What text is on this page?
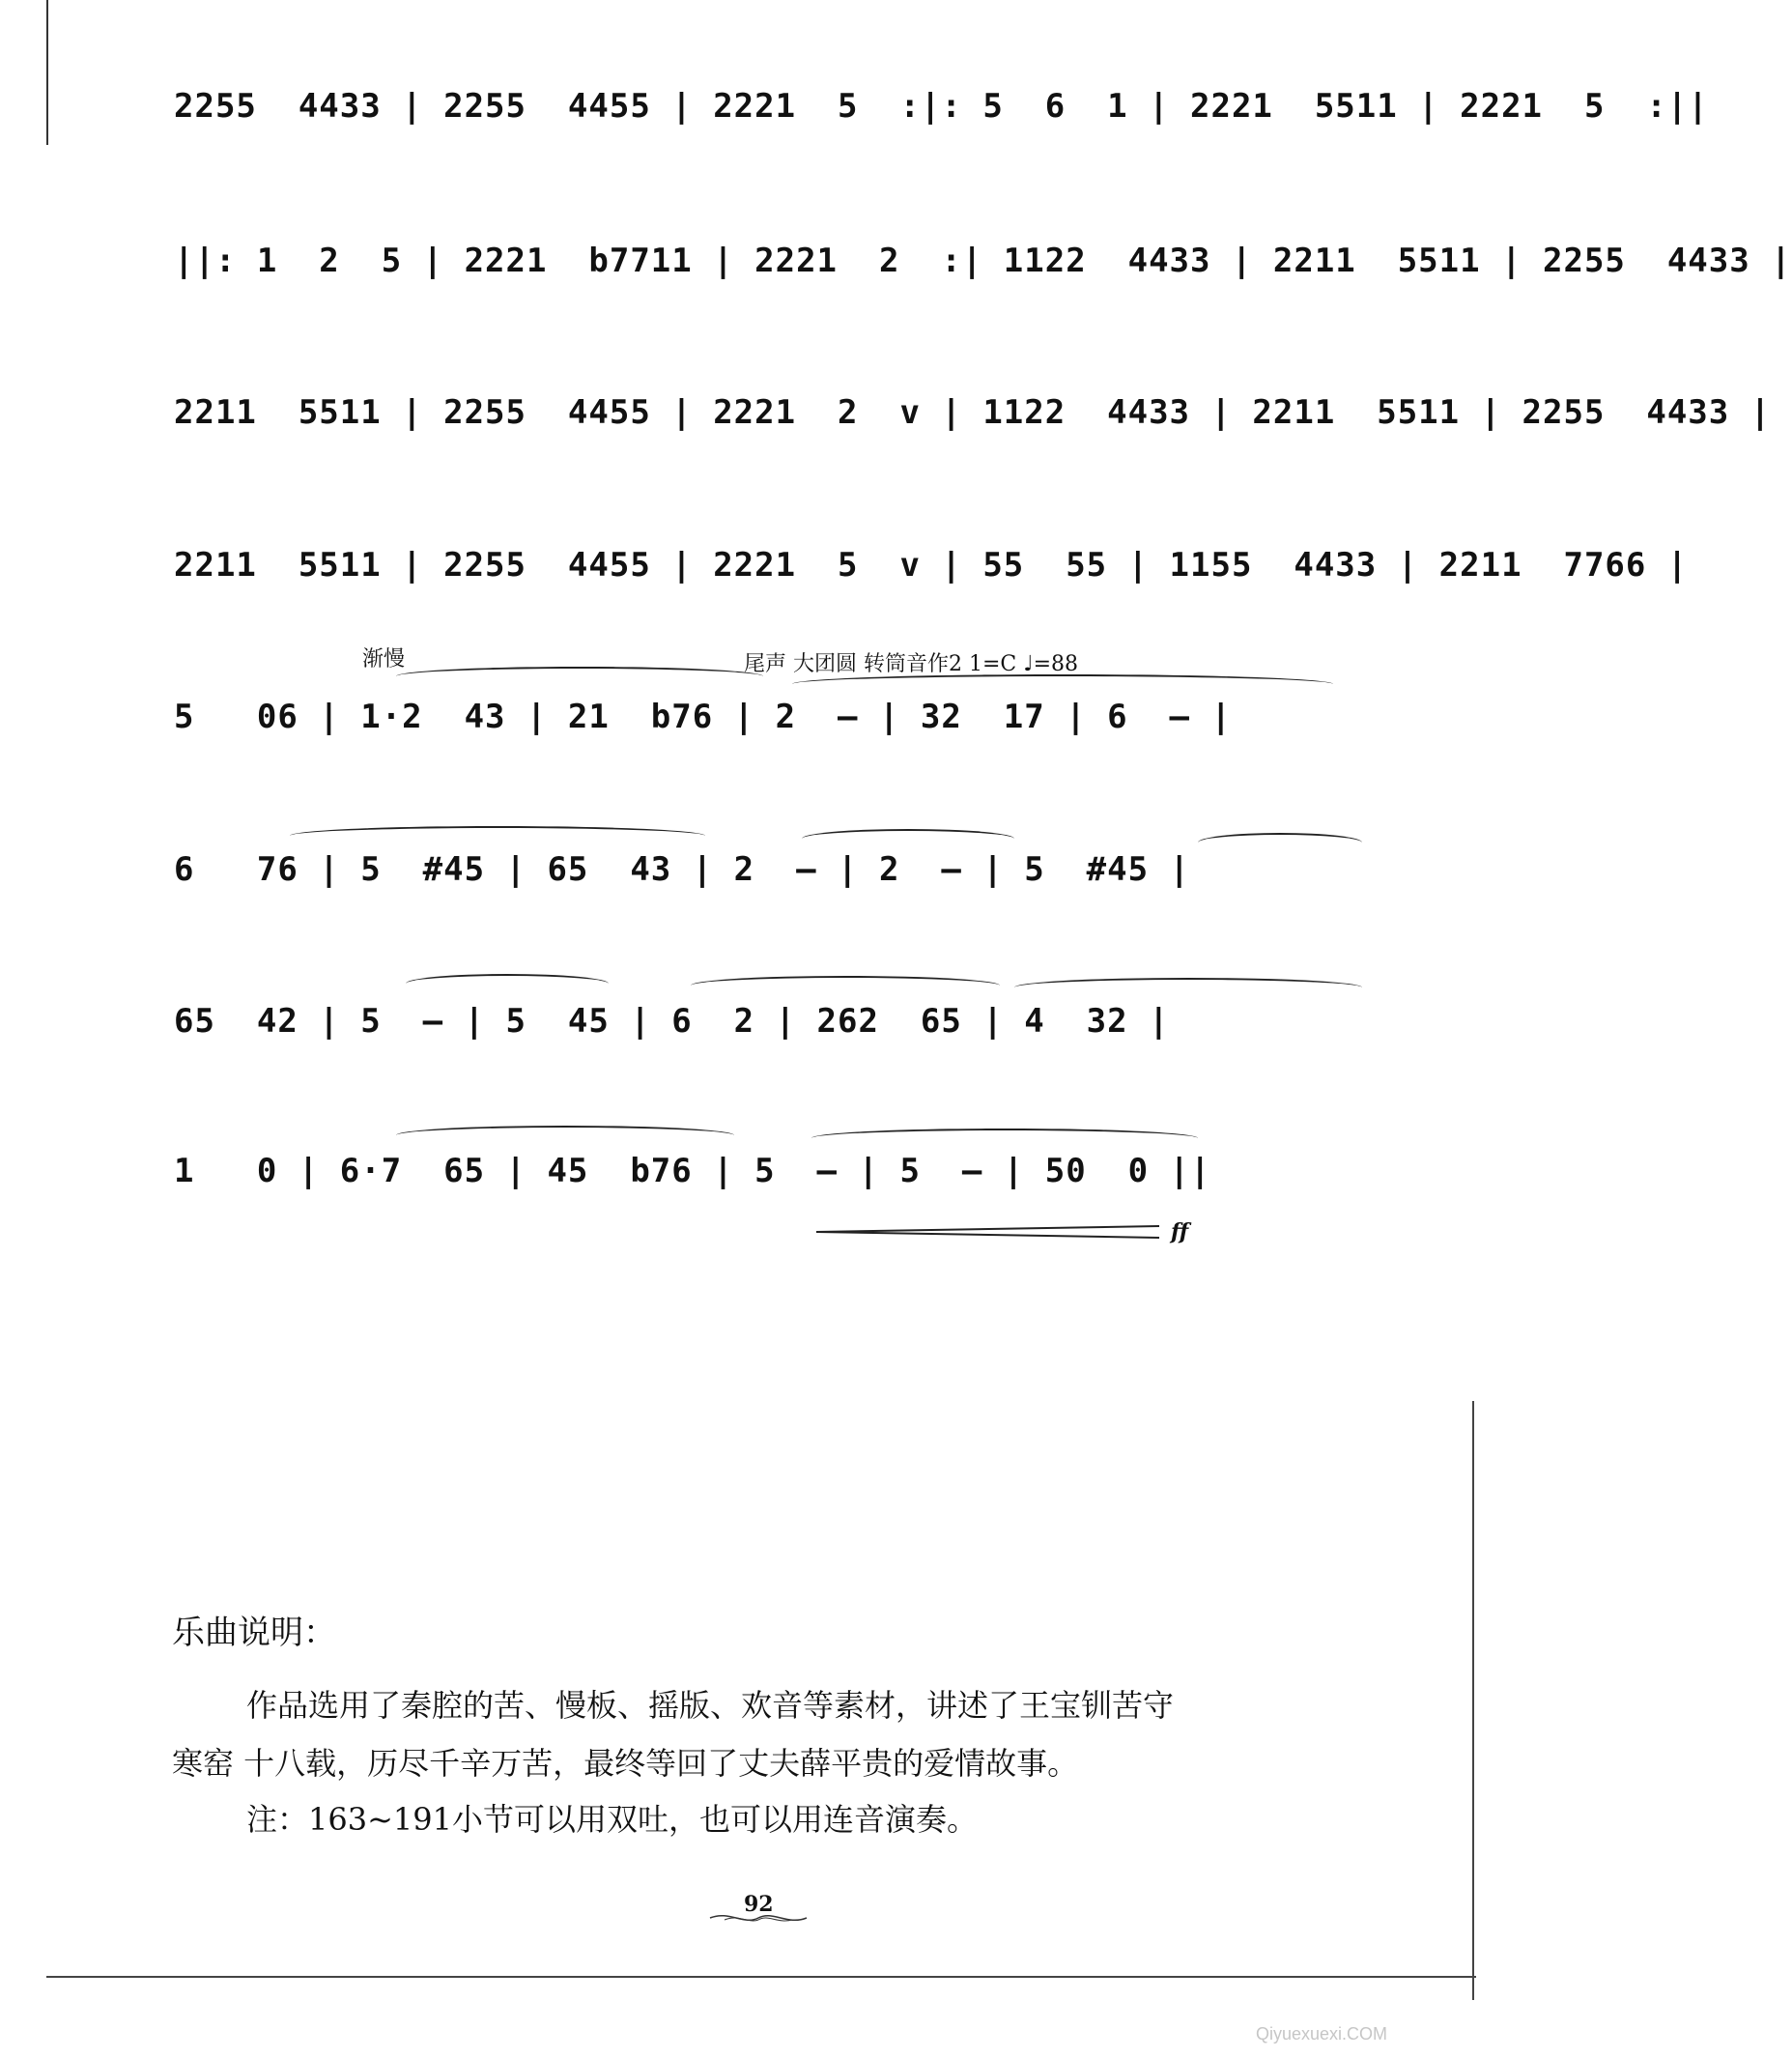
2255  4433 | 2255  4455 | 2221  5  :|: 5  6  1 | 2221  5511 | 2221  5  :||
||: 1  2  5 | 2221  b7711 | 2221  2  :| 1122  4433 | 2211  5511 | 2255  4433 |
2211  5511 | 2255  4455 | 2221  2  v | 1122  4433 | 2211  5511 | 2255  4433 |
2211  5511 | 2255  4455 | 2221  5  v | 55  55 | 1155  4433 | 2211  7766 |
渐慢	尾声 大团圆 转筒音作2 1=C ♩=88
5   06 | 1·2  43 | 21  b76 | 2  — | 32  17 | 6  — |
6   76 | 5  #45 | 65  43 | 2  — | 2  — | 5  #45 |
65  42 | 5  — | 5  45 | 6  2 | 262  65 | 4  32 |
1   0 | 6·7  65 | 45  b76 | 5  — | 5  — | 50  0 ||
ff
乐曲说明：
作品选用了秦腔的苦、慢板、摇版、欢音等素材，讲述了王宝钏苦守
寒窑 十八载，历尽千辛万苦，最终等回了丈夫薛平贵的爱情故事。
注：163~191小节可以用双吐，也可以用连音演奏。
92
Qiyuexuexi.COM
